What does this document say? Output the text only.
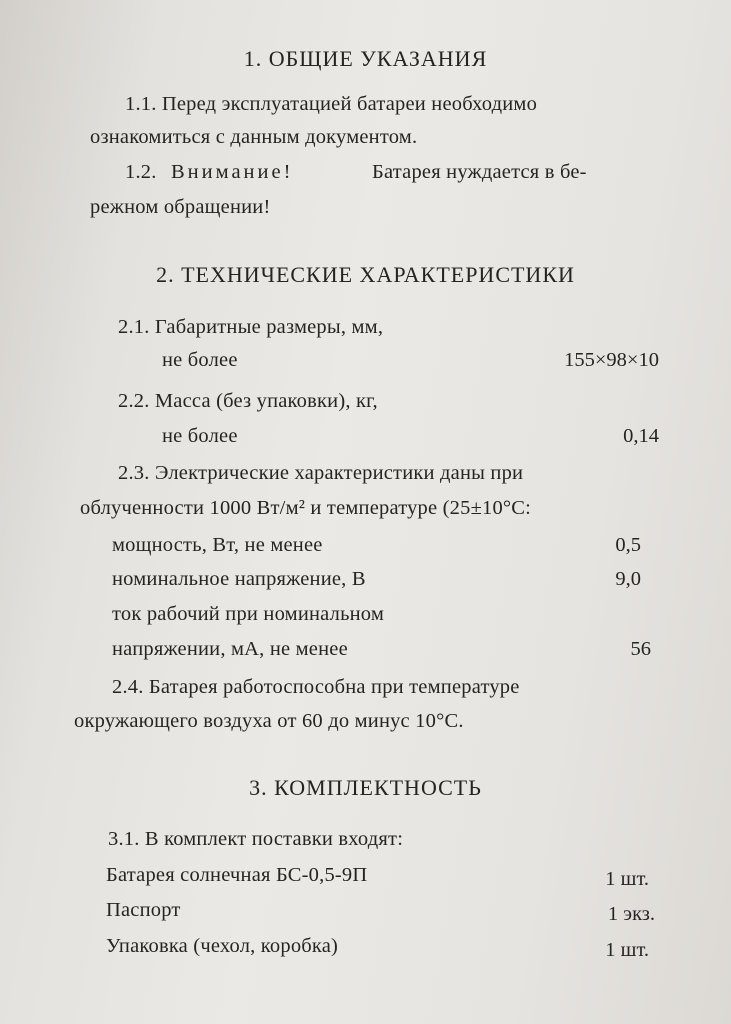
1. ОБЩИЕ УКАЗАНИЯ
1.1. Перед эксплуатацией батареи необходимо
ознакомиться с данным документом.
1.2. Внимание!	Батарея нуждается в бе-
режном обращении!
2. ТЕХНИЧЕСКИЕ ХАРАКТЕРИСТИКИ
2.1. Габаритные размеры, мм,
не более	155×98×10
2.2. Масса (без упаковки), кг,
не более	0,14
2.3. Электрические характеристики даны при
облученности 1000 Вт/м² и температуре (25±10°С:
мощность, Вт, не менее	0,5
номинальное напряжение, В	9,0
ток рабочий при номинальном
напряжении, мА, не менее	56
2.4. Батарея работоспособна при температуре
окружающего воздуха от 60 до минус 10°С.
3. КОМПЛЕКТНОСТЬ
3.1. В комплект поставки входят:
Батарея солнечная БС-0,5-9П	1 шт.
Паспорт	1 экз.
Упаковка (чехол, коробка)	1 шт.
